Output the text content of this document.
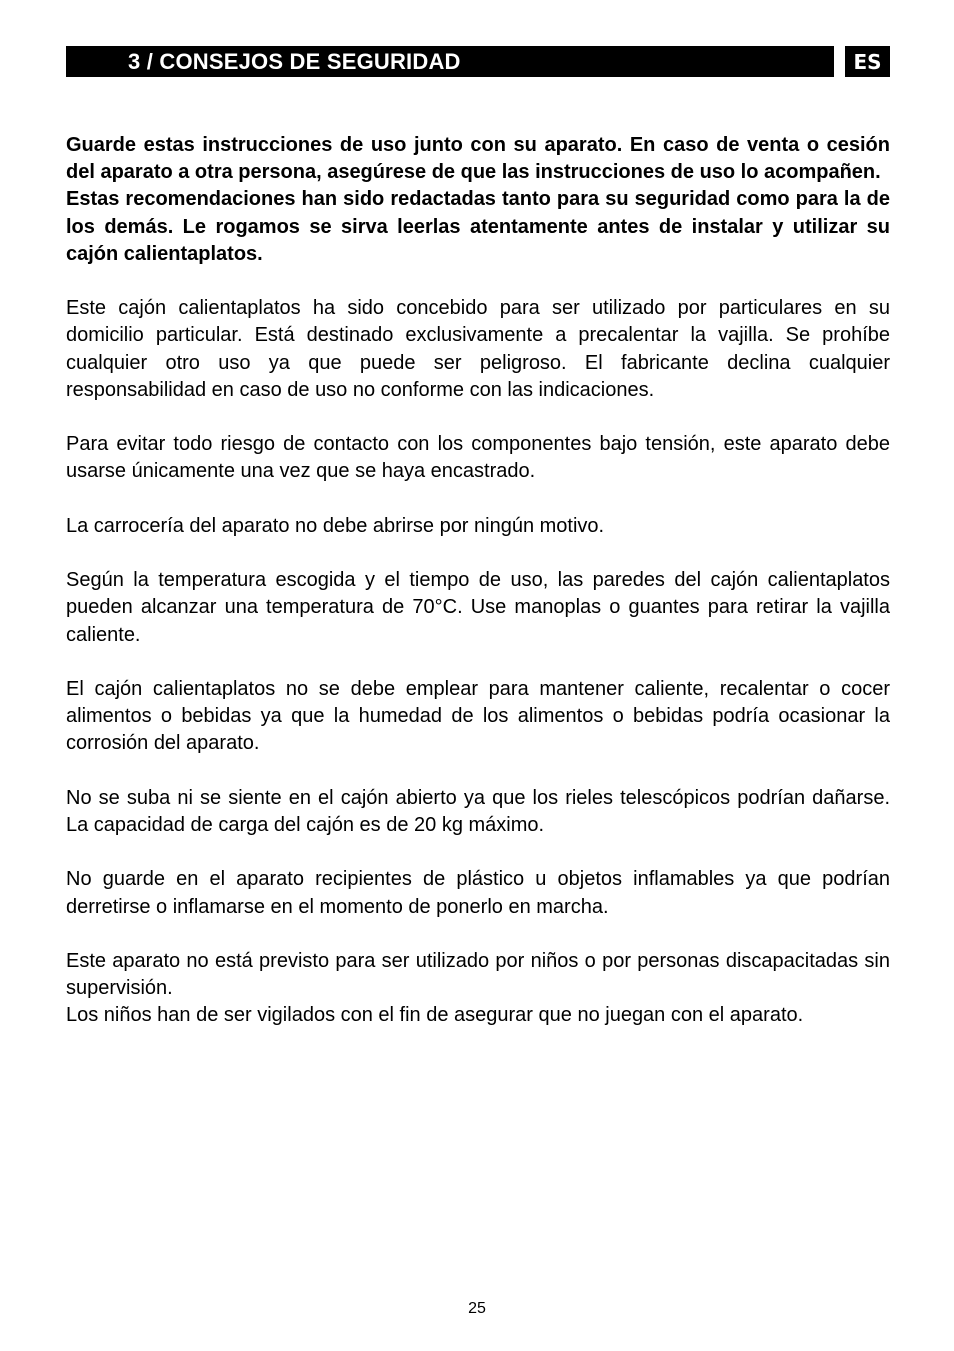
3 / CONSEJOS DE SEGURIDAD	ES

Guarde estas instrucciones de uso junto con su aparato. En caso de venta o cesión del aparato a otra persona, asegúrese de que las instrucciones de uso lo acompañen.

Estas recomendaciones han sido redactadas tanto para su seguridad como para la de los demás. Le rogamos se sirva leerlas atentamente antes de instalar y utilizar su cajón calientaplatos.

Este cajón calientaplatos ha sido concebido para ser utilizado por particulares en su domicilio particular. Está destinado exclusivamente a precalentar la vajilla. Se prohíbe cualquier otro uso ya que puede ser peligroso. El fabricante declina cualquier responsabilidad en caso de uso no conforme con las indicaciones.

Para evitar todo riesgo de contacto con los componentes bajo tensión, este aparato debe usarse únicamente una vez que se haya encastrado.

La carrocería del aparato no debe abrirse por ningún motivo.

Según la temperatura escogida y el tiempo de uso, las paredes del cajón calientaplatos pueden alcanzar una temperatura de 70°C. Use manoplas o guantes para retirar la vajilla caliente.

El cajón calientaplatos no se debe emplear para mantener caliente, recalentar o cocer alimentos o bebidas ya que la humedad de los alimentos o bebidas podría ocasionar la corrosión del aparato.

No se suba ni se siente en el cajón abierto ya que los rieles telescópicos podrían dañarse. La capacidad de carga del cajón es de 20 kg máximo.

No guarde en el aparato recipientes de plástico u objetos inflamables ya que podrían derretirse o inflamarse en el momento de ponerlo en marcha.

Este aparato no está previsto para ser utilizado por niños o por personas discapacitadas sin supervisión.

Los niños han de ser vigilados con el fin de asegurar que no juegan con el aparato.

25
